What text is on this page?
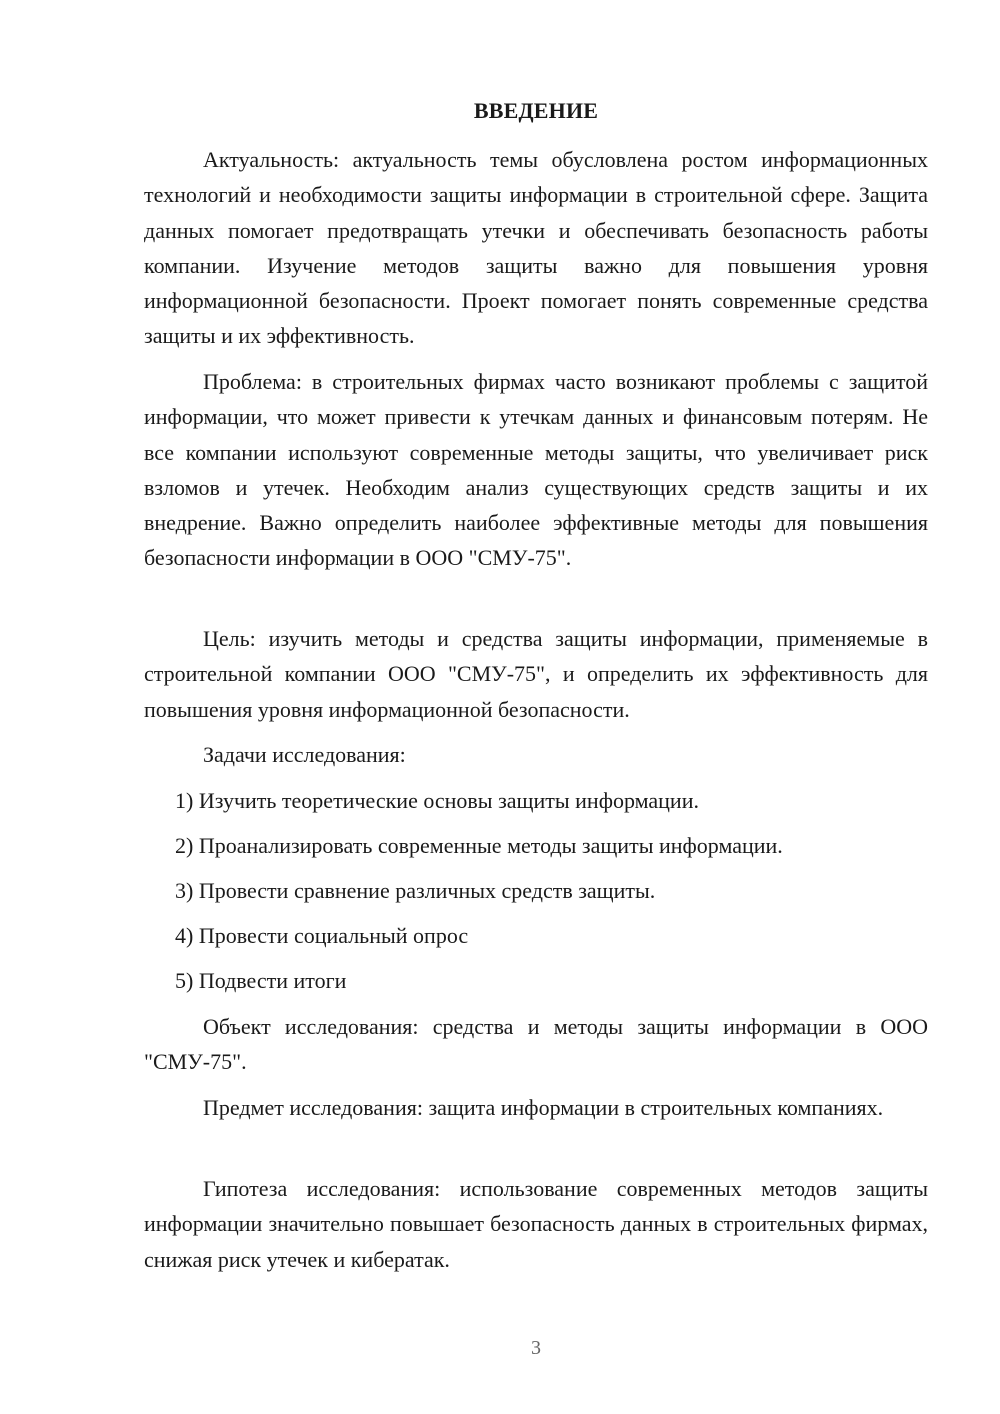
ВВЕДЕНИЕ

Актуальность: актуальность темы обусловлена ростом информационных технологий и необходимости защиты информации в строительной сфере. Защита данных помогает предотвращать утечки и обеспечивать безопасность работы компании. Изучение методов защиты важно для повышения уровня информационной безопасности. Проект помогает понять современные средства защиты и их эффективность.

Проблема: в строительных фирмах часто возникают проблемы с защитой информации, что может привести к утечкам данных и финансовым потерям. Не все компании используют современные методы защиты, что увеличивает риск взломов и утечек. Необходим анализ существующих средств защиты и их внедрение. Важно определить наиболее эффективные методы для повышения безопасности информации в ООО "СМУ-75".

Цель: изучить методы и средства защиты информации, применяемые в строительной компании ООО "СМУ-75", и определить их эффективность для повышения уровня информационной безопасности.

Задачи исследования:

1) Изучить теоретические основы защиты информации.

2) Проанализировать современные методы защиты информации.

3) Провести сравнение различных средств защиты.

4) Провести социальный опрос

5) Подвести итоги

Объект исследования: средства и методы защиты информации в ООО "СМУ-75".

Предмет исследования: защита информации в строительных компаниях.

Гипотеза исследования: использование современных методов защиты информации значительно повышает безопасность данных в строительных фирмах, снижая риск утечек и кибератак.

3
